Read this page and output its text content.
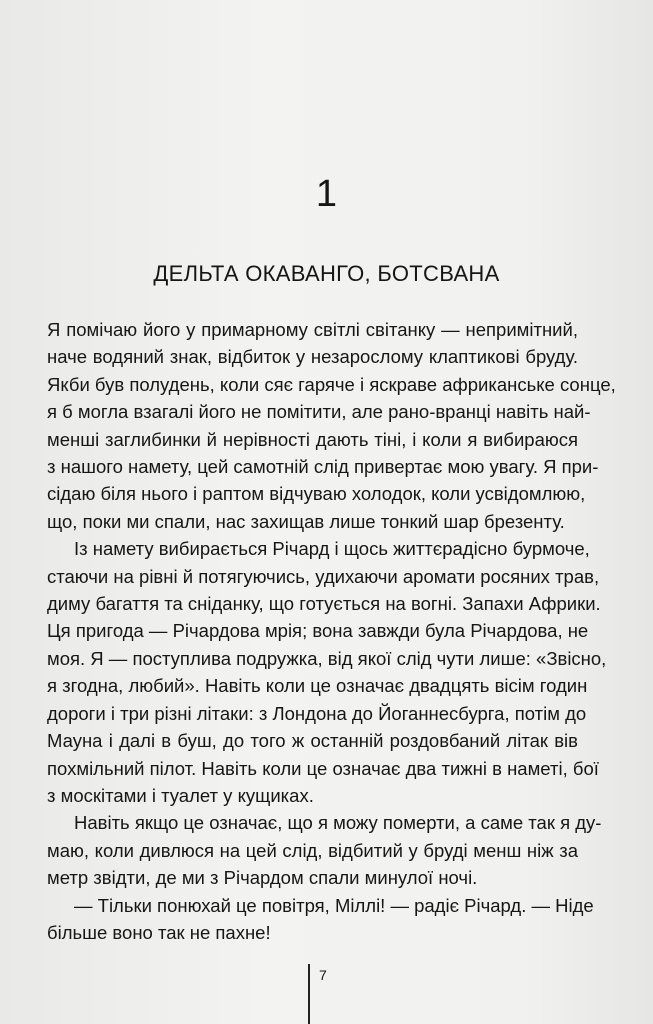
1
ДЕЛЬТА ОКАВАНГО, БОТСВАНА
Я помічаю його у примарному світлі світанку — непримітний,
наче водяний знак, відбиток у незарослому клаптикові бруду.
Якби був полудень, коли сяє гаряче і яскраве африканське сонце,
я б могла взагалі його не помітити, але рано-вранці навіть най-
менші заглибинки й нерівності дають тіні, і коли я вибираюся
з нашого намету, цей самотній слід привертає мою увагу. Я при-
сідаю біля нього і раптом відчуваю холодок, коли усвідомлюю,
що, поки ми спали, нас захищав лише тонкий шар брезенту.
Із намету вибирається Річард і щось життєрадісно бурмоче,
стаючи на рівні й потягуючись, удихаючи аромати росяних трав,
диму багаття та сніданку, що готується на вогні. Запахи Африки.
Ця пригода — Річардова мрія; вона завжди була Річардова, не
моя. Я — поступлива подружка, від якої слід чути лише: «Звісно,
я згодна, любий». Навіть коли це означає двадцять вісім годин
дороги і три різні літаки: з Лондона до Йоганнесбурга, потім до
Мауна і далі в буш, до того ж останній роздовбаний літак вів
похмільний пілот. Навіть коли це означає два тижні в наметі, бої
з москітами і туалет у кущиках.
Навіть якщо це означає, що я можу померти, а саме так я ду-
маю, коли дивлюся на цей слід, відбитий у бруді менш ніж за
метр звідти, де ми з Річардом спали минулої ночі.
— Тільки понюхай це повітря, Міллі! — радіє Річард. — Ніде
більше воно так не пахне!
7
